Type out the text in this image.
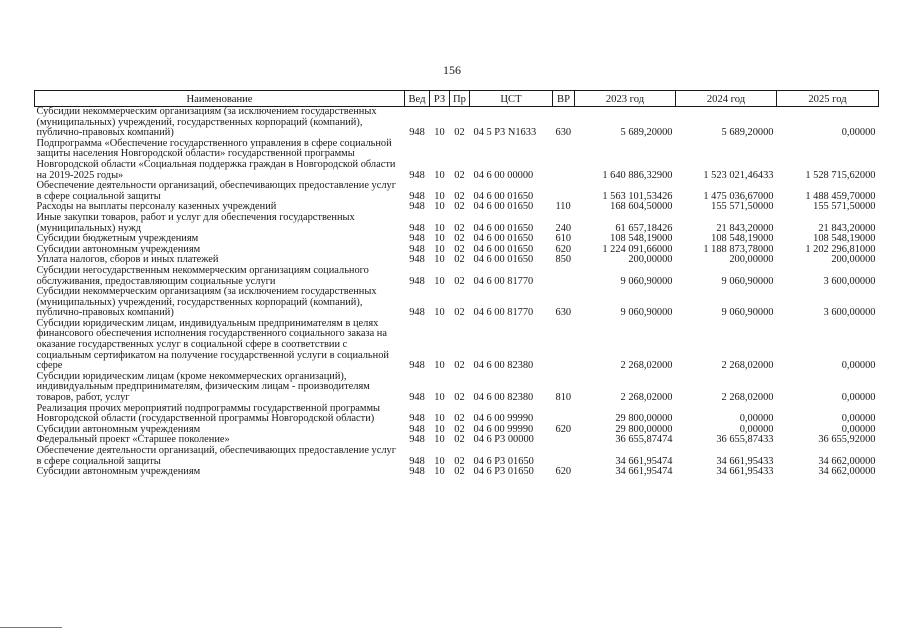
156
Наименование	Вед	РЗ	Пр	ЦСТ	ВР	2023 год	2024 год	2025 год
Субсидии некоммерческим организациям (за исключением государственных (муниципальных) учреждений, государственных корпораций (компаний), публично-правовых компаний)	948	10	02	04 5 Р3 N1633	630	5 689,20000	5 689,20000	0,00000
Подпрограмма «Обеспечение государственного управления в сфере социальной защиты населения Новгородской области» государственной программы Новгородской области «Социальная поддержка граждан в Новгородской области на 2019-2025 годы»	948	10	02	04 6 00 00000		1 640 886,32900	1 523 021,46433	1 528 715,62000
Обеспечение деятельности организаций, обеспечивающих предоставление услуг в сфере социальной защиты	948	10	02	04 6 00 01650		1 563 101,53426	1 475 036,67000	1 488 459,70000
Расходы на выплаты персоналу казенных учреждений	948	10	02	04 6 00 01650	110	168 604,50000	155 571,50000	155 571,50000
Иные закупки товаров, работ и услуг для обеспечения государственных (муниципальных) нужд	948	10	02	04 6 00 01650	240	61 657,18426	21 843,20000	21 843,20000
Субсидии бюджетным учреждениям	948	10	02	04 6 00 01650	610	108 548,19000	108 548,19000	108 548,19000
Субсидии автономным учреждениям	948	10	02	04 6 00 01650	620	1 224 091,66000	1 188 873,78000	1 202 296,81000
Уплата налогов, сборов и иных платежей	948	10	02	04 6 00 01650	850	200,00000	200,00000	200,00000
Субсидии негосударственным некоммерческим организациям социального обслуживания, предоставляющим социальные услуги	948	10	02	04 6 00 81770		9 060,90000	9 060,90000	3 600,00000
Субсидии некоммерческим организациям (за исключением государственных (муниципальных) учреждений, государственных корпораций (компаний), публично-правовых компаний)	948	10	02	04 6 00 81770	630	9 060,90000	9 060,90000	3 600,00000
Субсидии юридическим лицам, индивидуальным предпринимателям в целях финансового обеспечения исполнения государственного социального заказа на оказание государственных услуг в социальной сфере в соответствии с социальным сертификатом на получение государственной услуги в социальной сфере	948	10	02	04 6 00 82380		2 268,02000	2 268,02000	0,00000
Субсидии юридическим лицам (кроме некоммерческих организаций), индивидуальным предпринимателям, физическим лицам - производителям товаров, работ, услуг	948	10	02	04 6 00 82380	810	2 268,02000	2 268,02000	0,00000
Реализация прочих мероприятий подпрограммы государственной программы Новгородской области (государственной программы Новгородской области)	948	10	02	04 6 00 99990		29 800,00000	0,00000	0,00000
Субсидии автономным учреждениям	948	10	02	04 6 00 99990	620	29 800,00000	0,00000	0,00000
Федеральный проект «Старшее поколение»	948	10	02	04 6 Р3 00000		36 655,87474	36 655,87433	36 655,92000
Обеспечение деятельности организаций, обеспечивающих предоставление услуг в сфере социальной защиты	948	10	02	04 6 Р3 01650		34 661,95474	34 661,95433	34 662,00000
Субсидии автономным учреждениям	948	10	02	04 6 Р3 01650	620	34 661,95474	34 661,95433	34 662,00000
